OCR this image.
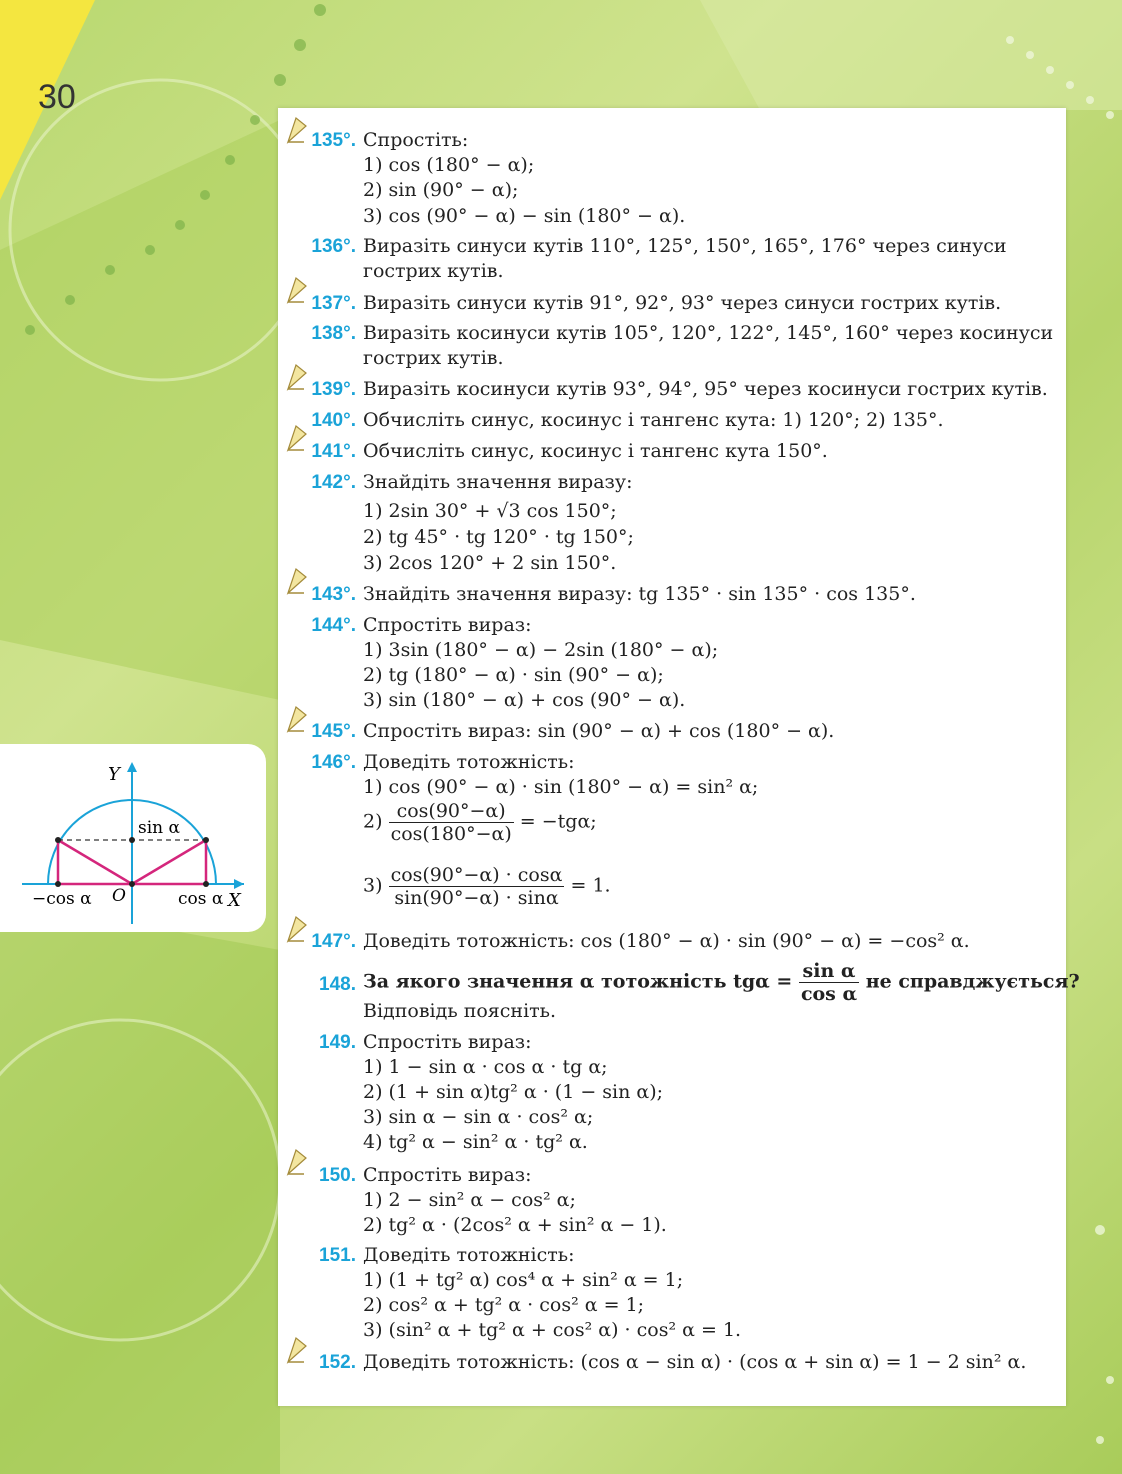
30
Y
X
O
sin α
−cos α	cos α
135°. Спростіть:
1) cos (180° − α);
2) sin (90° − α);
3) cos (90° − α) − sin (180° − α).
136°. Виразіть синуси кутів 110°, 125°, 150°, 165°, 176° через синуси
гострих кутів.
137°. Виразіть синуси кутів 91°, 92°, 93° через синуси гострих кутів.
138°. Виразіть косинуси кутів 105°, 120°, 122°, 145°, 160° через косинуси
гострих кутів.
139°. Виразіть косинуси кутів 93°, 94°, 95° через косинуси гострих кутів.
140°. Обчисліть синус, косинус і тангенс кута: 1) 120°; 2) 135°.
141°. Обчисліть синус, косинус і тангенс кута 150°.
142°. Знайдіть значення виразу:
1) 2sin 30° + √3 cos 150°;
2) tg 45° · tg 120° · tg 150°;
3) 2cos 120° + 2 sin 150°.
143°. Знайдіть значення виразу: tg 135° · sin 135° · cos 135°.
144°. Спростіть вираз:
1) 3sin (180° − α) − 2sin (180° − α);
2) tg (180° − α) · sin (90° − α);
3) sin (180° − α) + cos (90° − α).
145°. Спростіть вираз: sin (90° − α) + cos (180° − α).
146°. Доведіть тотожність:
1) cos (90° − α) · sin (180° − α) = sin² α;
$2) \frac{\cos(90^\circ-\alpha)}{\cos(180^\circ-\alpha)} = -tg\alpha$;
$3) \frac{\cos(90^\circ-\alpha) \cdot \cos\alpha}{\sin(90^\circ-\alpha) \cdot \sin\alpha} = 1$.
147°. Доведіть тотожність: cos (180° − α) · sin (90° − α) = −cos² α.
148. За якого значення α тотожність $tg\alpha = \frac{\text{sin α}}{\text{cos α}}$ не справджується?
Відповідь поясніть.
149. Спростіть вираз:
1) 1 − sin α · cos α · tg α;
2) (1 + sin α)tg² α · (1 − sin α);
3) sin α − sin α · cos² α;
4) tg² α − sin² α · tg² α.
150. Спростіть вираз:
1) 2 − sin² α − cos² α;
2) tg² α · (2cos² α + sin² α − 1).
151. Доведіть тотожність:
1) (1 + tg² α) cos⁴ α + sin² α = 1;
2) cos² α + tg² α · cos² α = 1;
3) (sin² α + tg² α + cos² α) · cos² α = 1.
152. Доведіть тотожність: (cos α − sin α) · (cos α + sin α) = 1 − 2 sin² α.
